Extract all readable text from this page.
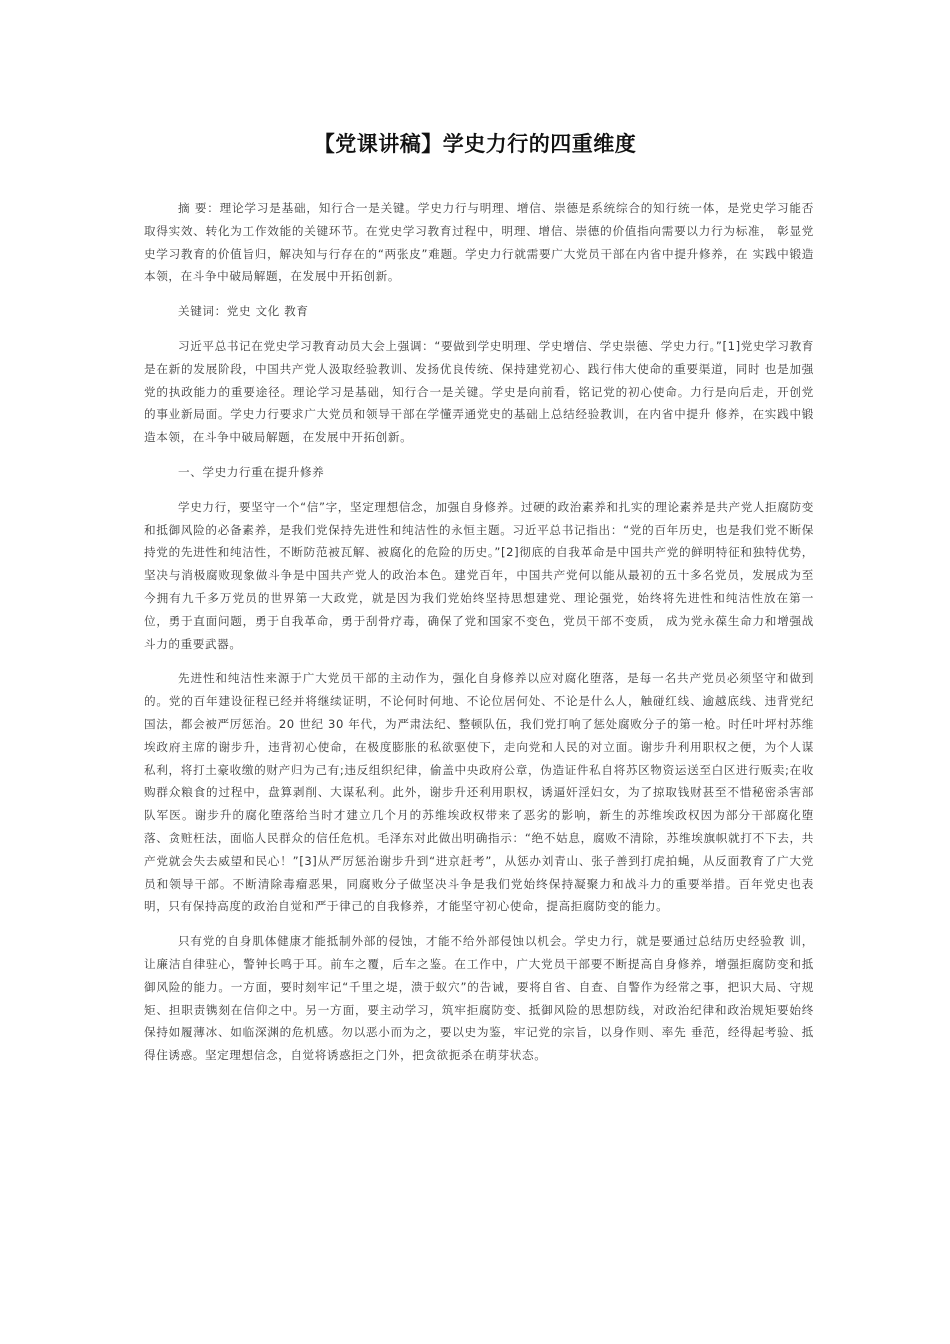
【党课讲稿】学史力行的四重维度

摘 要：理论学习是基础，知行合一是关键。学史力行与明理、增信、崇德是系统综合的知行统一体，是党史学习能否取得实效、转化为工作效能的关键环节。在党史学习教育过程中，明理、增信、崇德的价值指向需要以力行为标准， 彰显党史学习教育的价值旨归，解决知与行存在的“两张皮”难题。学史力行就需要广大党员干部在内省中提升修养，在 实践中锻造本领，在斗争中破局解题，在发展中开拓创新。

关键词：党史 文化 教育

习近平总书记在党史学习教育动员大会上强调：“要做到学史明理、学史增信、学史崇德、学史力行。”[1]党史学习教育是在新的发展阶段，中国共产党人汲取经验教训、发扬优良传统、保持建党初心、践行伟大使命的重要渠道，同时 也是加强党的执政能力的重要途径。理论学习是基础，知行合一是关键。学史是向前看，铭记党的初心使命。力行是向后走，开创党的事业新局面。学史力行要求广大党员和领导干部在学懂弄通党史的基础上总结经验教训，在内省中提升 修养，在实践中锻造本领，在斗争中破局解题，在发展中开拓创新。

一、学史力行重在提升修养

学史力行，要坚守一个“信”字，坚定理想信念，加强自身修养。过硬的政治素养和扎实的理论素养是共产党人拒腐防变和抵御风险的必备素养，是我们党保持先进性和纯洁性的永恒主题。习近平总书记指出：“党的百年历史，也是我们党不断保持党的先进性和纯洁性，不断防范被瓦解、被腐化的危险的历史。”[2]彻底的自我革命是中国共产党的鲜明特征和独特优势，坚决与消极腐败现象做斗争是中国共产党人的政治本色。建党百年，中国共产党何以能从最初的五十多名党员，发展成为至今拥有九千多万党员的世界第一大政党，就是因为我们党始终坚持思想建党、理论强党，始终将先进性和纯洁性放在第一位，勇于直面问题，勇于自我革命，勇于刮骨疗毒，确保了党和国家不变色，党员干部不变质， 成为党永葆生命力和增强战斗力的重要武器。

先进性和纯洁性来源于广大党员干部的主动作为，强化自身修养以应对腐化堕落，是每一名共产党员必须坚守和做到的。党的百年建设征程已经并将继续证明，不论何时何地、不论位居何处、不论是什么人，触碰红线、逾越底线、违背党纪国法，都会被严厉惩治。20 世纪 30 年代，为严肃法纪、整顿队伍，我们党打响了惩处腐败分子的第一枪。时任叶坪村苏维埃政府主席的谢步升，违背初心使命，在极度膨胀的私欲驱使下，走向党和人民的对立面。谢步升利用职权之便，为个人谋私利，将打土豪收缴的财产归为己有;违反组织纪律，偷盖中央政府公章，伪造证件私自将苏区物资运送至白区进行贩卖;在收购群众粮食的过程中，盘算剥削、大谋私利。此外，谢步升还利用职权，诱逼奸淫妇女，为了掠取钱财甚至不惜秘密杀害部队军医。谢步升的腐化堕落给当时才建立几个月的苏维埃政权带来了恶劣的影响，新生的苏维埃政权因为部分干部腐化堕落、贪赃枉法，面临人民群众的信任危机。毛泽东对此做出明确指示：“绝不姑息，腐败不清除，苏维埃旗帜就打不下去，共产党就会失去威望和民心！”[3]从严厉惩治谢步升到“进京赶考”，从惩办刘青山、张子善到打虎拍蝇，从反面教育了广大党员和领导干部。不断清除毒瘤恶果，同腐败分子做坚决斗争是我们党始终保持凝聚力和战斗力的重要举措。百年党史也表明，只有保持高度的政治自觉和严于律己的自我修养，才能坚守初心使命，提高拒腐防变的能力。

只有党的自身肌体健康才能抵制外部的侵蚀，才能不给外部侵蚀以机会。学史力行，就是要通过总结历史经验教 训，让廉洁自律驻心，警钟长鸣于耳。前车之覆，后车之鉴。在工作中，广大党员干部要不断提高自身修养，增强拒腐防变和抵御风险的能力。一方面，要时刻牢记“千里之堤，溃于蚁穴”的告诫，要将自省、自查、自警作为经常之事，把识大局、守规矩、担职责镌刻在信仰之中。另一方面，要主动学习，筑牢拒腐防变、抵御风险的思想防线，对政治纪律和政治规矩要始终保持如履薄冰、如临深渊的危机感。勿以恶小而为之，要以史为鉴，牢记党的宗旨，以身作则、率先 垂范，经得起考验、抵得住诱惑。坚定理想信念，自觉将诱惑拒之门外，把贪欲扼杀在萌芽状态。
